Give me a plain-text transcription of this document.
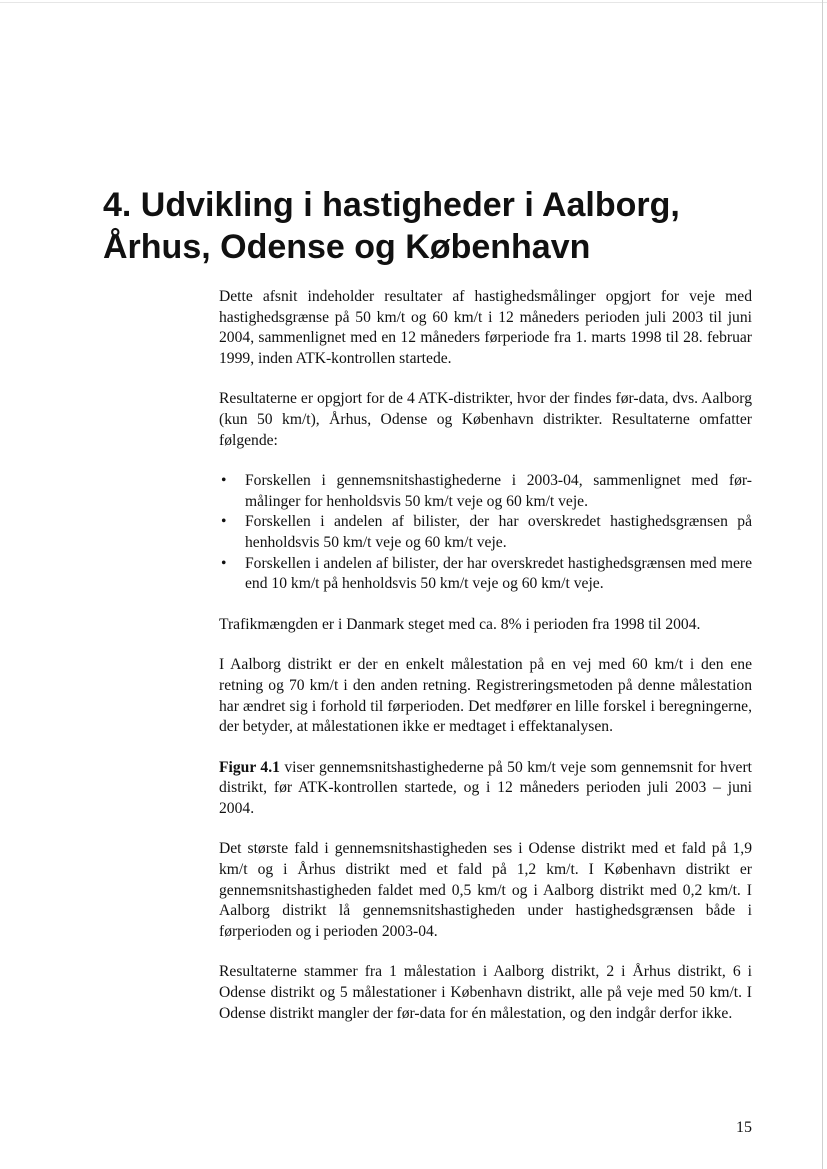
4. Udvikling i hastigheder i Aalborg,
Århus, Odense og København

Dette afsnit indeholder resultater af hastighedsmålinger opgjort for veje med hastighedsgrænse på 50 km/t og 60 km/t i 12 måneders perioden juli 2003 til juni 2004, sammenlignet med en 12 måneders førperiode fra 1. marts 1998 til 28. februar 1999, inden ATK-kontrollen startede.

Resultaterne er opgjort for de 4 ATK-distrikter, hvor der findes før-data, dvs. Aalborg (kun 50 km/t), Århus, Odense og København distrikter. Resultaterne omfatter følgende:

• Forskellen i gennemsnitshastighederne i 2003-04, sammenlignet med før-målinger for henholdsvis 50 km/t veje og 60 km/t veje.
• Forskellen i andelen af bilister, der har overskredet hastighedsgrænsen på henholdsvis 50 km/t veje og 60 km/t veje.
• Forskellen i andelen af bilister, der har overskredet hastighedsgrænsen med mere end 10 km/t på henholdsvis 50 km/t veje og 60 km/t veje.

Trafikmængden er i Danmark steget med ca. 8% i perioden fra 1998 til 2004.

I Aalborg distrikt er der en enkelt målestation på en vej med 60 km/t i den ene retning og 70 km/t i den anden retning. Registreringsmetoden på denne målestation har ændret sig i forhold til førperioden. Det medfører en lille forskel i beregningerne, der betyder, at målestationen ikke er medtaget i effektanalysen.

Figur 4.1 viser gennemsnitshastighederne på 50 km/t veje som gennemsnit for hvert distrikt, før ATK-kontrollen startede, og i 12 måneders perioden juli 2003 – juni 2004.

Det største fald i gennemsnitshastigheden ses i Odense distrikt med et fald på 1,9 km/t og i Århus distrikt med et fald på 1,2 km/t. I København distrikt er gennemsnitshastigheden faldet med 0,5 km/t og i Aalborg distrikt med 0,2 km/t. I Aalborg distrikt lå gennemsnitshastigheden under hastighedsgrænsen både i førperioden og i perioden 2003-04.

Resultaterne stammer fra 1 målestation i Aalborg distrikt, 2 i Århus distrikt, 6 i Odense distrikt og 5 målestationer i København distrikt, alle på veje med 50 km/t. I Odense distrikt mangler der før-data for én målestation, og den indgår derfor ikke.

15
